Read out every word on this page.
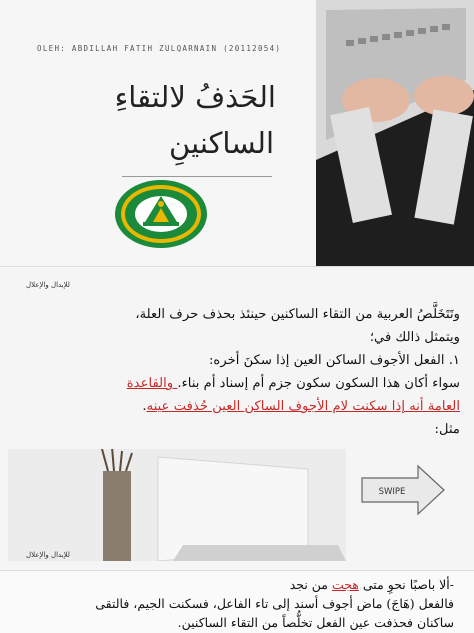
OLEH: ABDILLAH FATIH ZULQARNAIN (20112054)
الحَذفُ لالتقاءِ
الساكنينِ
للإبدال والإعلال

وتَتَخَلَّصُ العربية من التقاء الساكنين حينئذ بحذف حرف العلة،

ويتمثل ذالك في؛

١. الفعل الأجوف الساكن العين إذا سكنَ أخره:

سواء أكان هذا السكون سكون جزم أم إسناد أم بناء. والقاعدة

العامة أنه إذا سكنت لام الأجوف الساكن العين حُذفت عينه.

مثل:

SWIPE
للإبدال والإعلال

-ألا باصبًا نحوِ متى هجت من نجد

فالفعل (هَاجَ) ماض أجوف أسند إلى تاء الفاعل، فسكنت الجيم، فالتقى

ساكنان فحذفت عين الفعل تخلُّصاً من التقاء الساكنين.
